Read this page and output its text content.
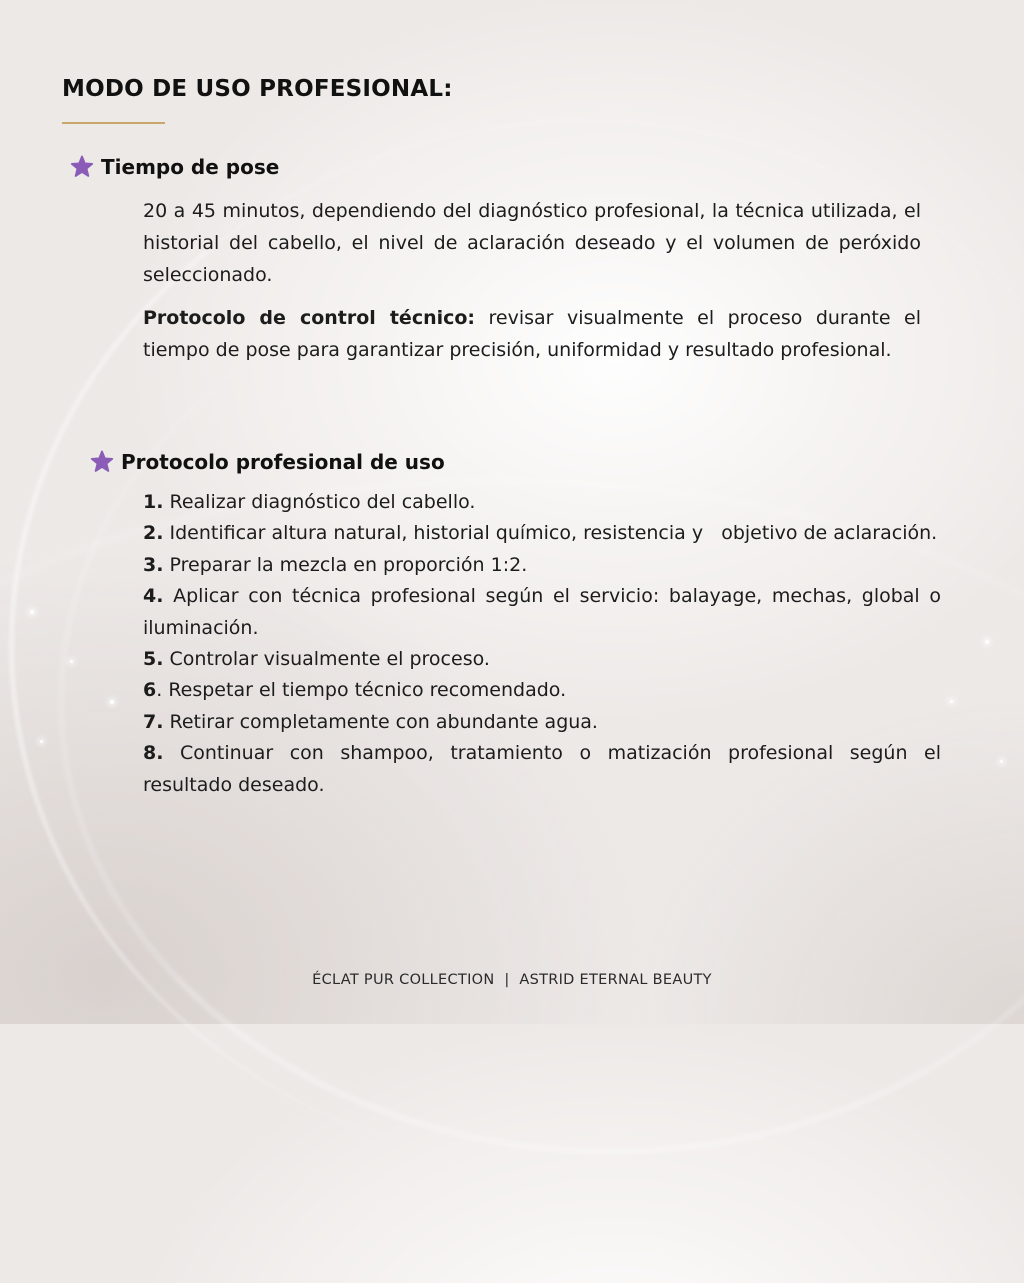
MODO DE USO PROFESIONAL:
Tiempo de pose

20 a 45 minutos, dependiendo del diagnóstico profesional, la técnica utilizada, el historial del cabello, el nivel de aclaración deseado y el volumen de peróxido seleccionado.

Protocolo de control técnico: revisar visualmente el proceso durante el tiempo de pose para garantizar precisión, uniformidad y resultado profesional.

Protocolo profesional de uso
1. Realizar diagnóstico del cabello.
2. Identificar altura natural, historial químico, resistencia y   objetivo de aclaración.
3. Preparar la mezcla en proporción 1:2.
4. Aplicar con técnica profesional según el servicio: balayage, mechas, global o iluminación.
5. Controlar visualmente el proceso.
6. Respetar el tiempo técnico recomendado.
7. Retirar completamente con abundante agua.
8. Continuar con shampoo, tratamiento o matización profesional según el resultado deseado.
ÉCLAT PUR COLLECTION  |  ASTRID ETERNAL BEAUTY
